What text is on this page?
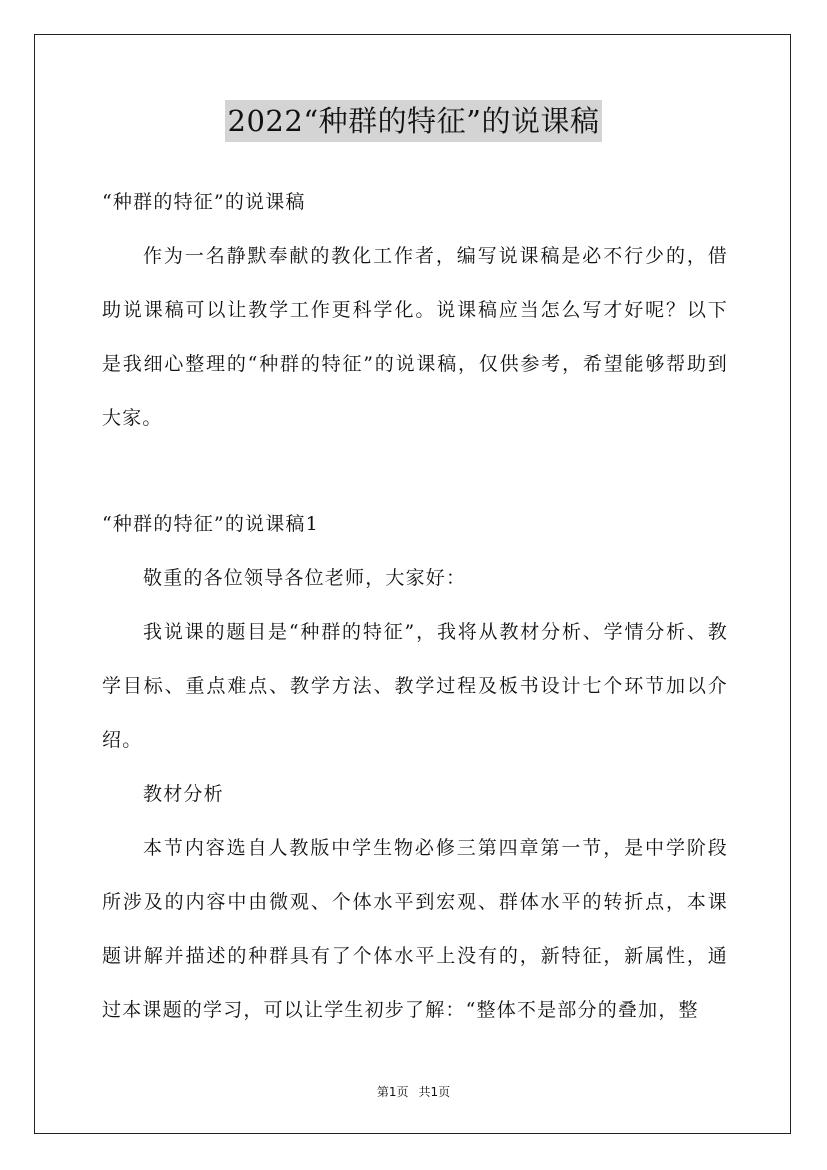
2022“种群的特征”的说课稿

“种群的特征”的说课稿

作为一名静默奉献的教化工作者，编写说课稿是必不行少的，借助说课稿可以让教学工作更科学化。说课稿应当怎么写才好呢？以下是我细心整理的“种群的特征”的说课稿，仅供参考，希望能够帮助到大家。

“种群的特征”的说课稿1

敬重的各位领导各位老师，大家好：

我说课的题目是“种群的特征”，我将从教材分析、学情分析、教学目标、重点难点、教学方法、教学过程及板书设计七个环节加以介绍。

教材分析

本节内容选自人教版中学生物必修三第四章第一节，是中学阶段所涉及的内容中由微观、个体水平到宏观、群体水平的转折点，本课题讲解并描述的种群具有了个体水平上没有的，新特征，新属性，通过本课题的学习，可以让学生初步了解：“整体不是部分的叠加，整

第1页 共1页
